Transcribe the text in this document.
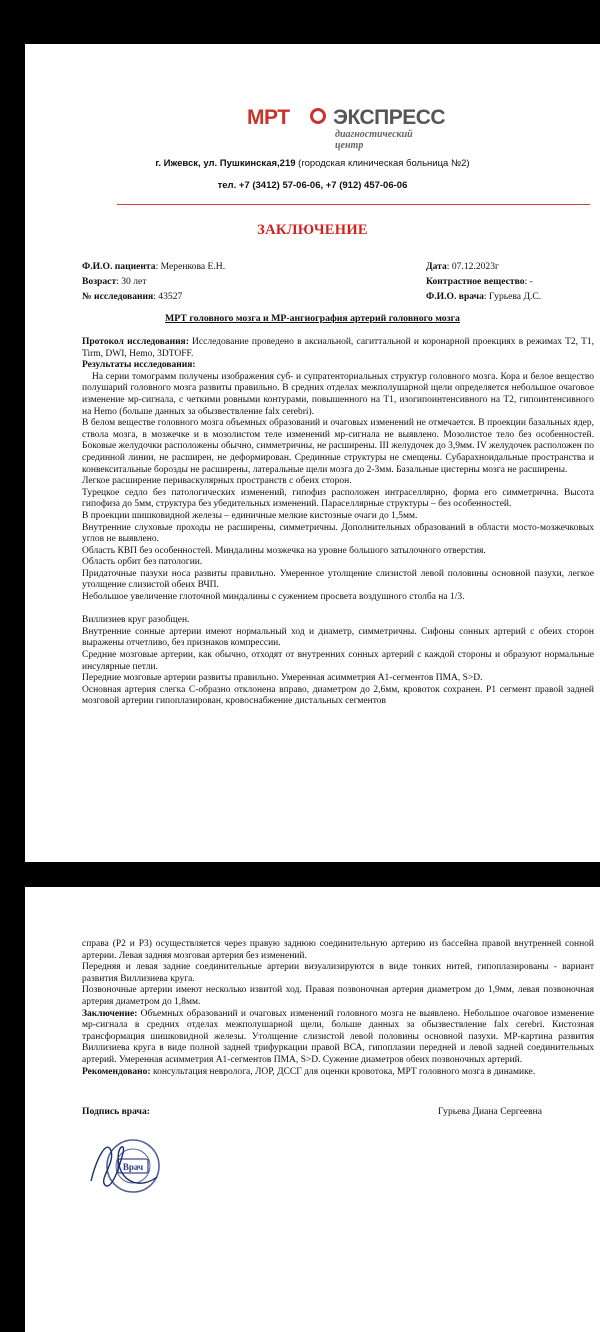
МРТ ЭКСПРЕСС
диагностический центр
г. Ижевск, ул. Пушкинская,219 (городская клиническая больница №2)
тел. +7 (3412) 57-06-06, +7 (912) 457-06-06
ЗАКЛЮЧЕНИЕ
Ф.И.О. пациента: Меренкова Е.Н.
Возраст: 30 лет
№ исследования: 43527
Дата: 07.12.2023г
Контрастное вещество: -
Ф.И.О. врача: Гурьева Д.С.
МРТ головного мозга и МР-ангиография артерий головного мозга

Протокол исследования: Исследование проведено в аксиальной, сагиттальной и коронарной проекциях в режимах T2, T1, Tirm, DWI, Hemo, 3DTOFF.

Результаты исследования:

На серии томограмм получены изображения суб- и супратенториальных структур головного мозга. Кора и белое вещество полушарий головного мозга развиты правильно. В средних отделах межполушарной щели определяется небольшое очаговое изменение мр-сигнала, с четкими ровными контурами, повышенного на Т1, изогипоинтенсивного на Т2, гипоинтенсивного на Hemo (больше данных за обызвествление falx cerebri).

В белом веществе головного мозга объемных образований и очаговых изменений не отмечается. В проекции базальных ядер, ствола мозга, в мозжечке и в мозолистом теле изменений мр-сигнала не выявлено. Мозолистое тело без особенностей. Боковые желудочки расположены обычно, симметричны, не расширены. III желудочек до 3,9мм. IV желудочек расположен по срединной линии, не расширен, не деформирован. Срединные структуры не смещены. Субарахноидальные пространства и конвекситальные борозды не расширены, латеральные щели мозга до 2-3мм. Базальные цистерны мозга не расширены.

Легкое расширение периваскулярных пространств с обеих сторон.

Турецкое седло без патологических изменений, гипофиз расположен интраселлярно, форма его симметрична. Высота гипофиза до 5мм, структура без убедительных изменений. Параселлярные структуры – без особенностей.

В проекции шишковидной железы – единичные мелкие кистозные очаги до 1,5мм.

Внутренние слуховые проходы не расширены, симметричны. Дополнительных образований в области мосто-мозжечковых углов не выявлено.

Область КВП без особенностей. Миндалины мозжечка на уровне большого затылочного отверстия.

Область орбит без патологии.

Придаточные пазухи носа развиты правильно. Умеренное утолщение слизистой левой половины основной пазухи, легкое утолщение слизистой обеих ВЧП.

Небольшое увеличение глоточной миндалины с сужением просвета воздушного столба на 1/3.

Виллизиев круг разобщен.

Внутренние сонные артерии имеют нормальный ход и диаметр, симметричны. Сифоны сонных артерий с обеих сторон выражены отчетливо, без признаков компрессии.

Средние мозговые артерии, как обычно, отходят от внутренних сонных артерий с каждой стороны и образуют нормальные инсулярные петли.

Передние мозговые артерии развиты правильно. Умеренная асимметрия А1-сегментов ПМА, S>D.

Основная артерия слегка С-образно отклонена вправо, диаметром до 2,6мм, кровоток сохранен. Р1 сегмент правой задней мозговой артерии гипоплазирован, кровоснабжение дистальных сегментов

справа (Р2 и Р3) осуществляется через правую заднюю соединительную артерию из бассейна правой внутренней сонной артерии. Левая задняя мозговая артерия без изменений.

Передняя и левая задние соединительные артерии визуализируются в виде тонких нитей, гипоплазированы - вариант развития Виллизиева круга.

Позвоночные артерии имеют несколько извитой ход. Правая позвоночная артерия диаметром до 1,9мм, левая позвоночная артерия диаметром до 1,8мм.

Заключение: Объемных образований и очаговых изменений головного мозга не выявлено. Небольшое очаговое изменение мр-сигнала в средних отделах межполушарной щели, больше данных за обызвествление falx cerebri. Кистозная трансформация шишковидной железы. Утолщение слизистой левой половины основной пазухи. МР-картина развития Виллизиева круга в виде полной задней трифуркации правой ВСА, гипоплазии передней и левой задней соединительных артерий. Умеренная асимметрия А1-сегментов ПМА, S>D. Сужение диаметров обеих позвоночных артерий.

Рекомендовано: консультация невролога, ЛОР, ДССГ для оценки кровотока, МРТ головного мозга в динамике.

Подпись врача:	Гурьева Диана Сергеевна
Врач
